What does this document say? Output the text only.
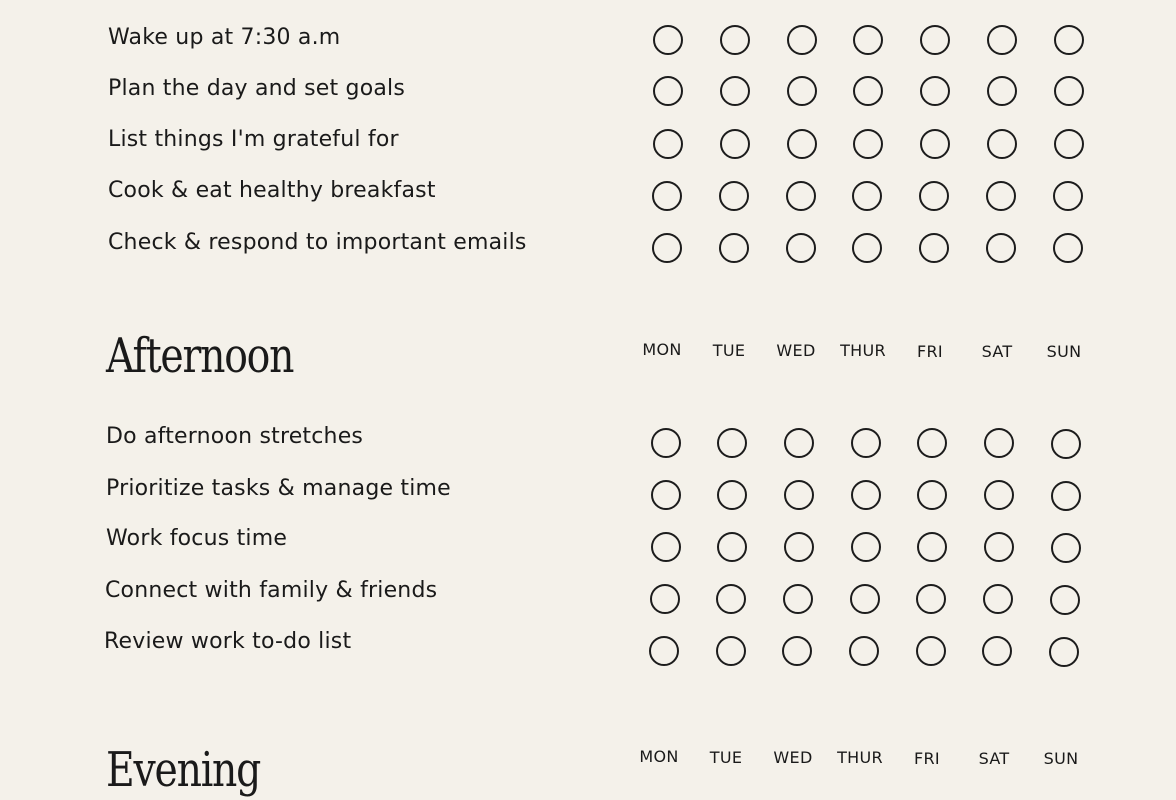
Wake up at 7:30 a.m
Plan the day and set goals
List things I'm grateful for
Cook & eat healthy breakfast
Check & respond to important emails
Afternoon	MON	TUE	WED	THUR	FRI	SAT	SUN
Do afternoon stretches
Prioritize tasks & manage time
Work focus time
Connect with family & friends
Review work to-do list
Evening	MON	TUE	WED	THUR	FRI	SAT	SUN
